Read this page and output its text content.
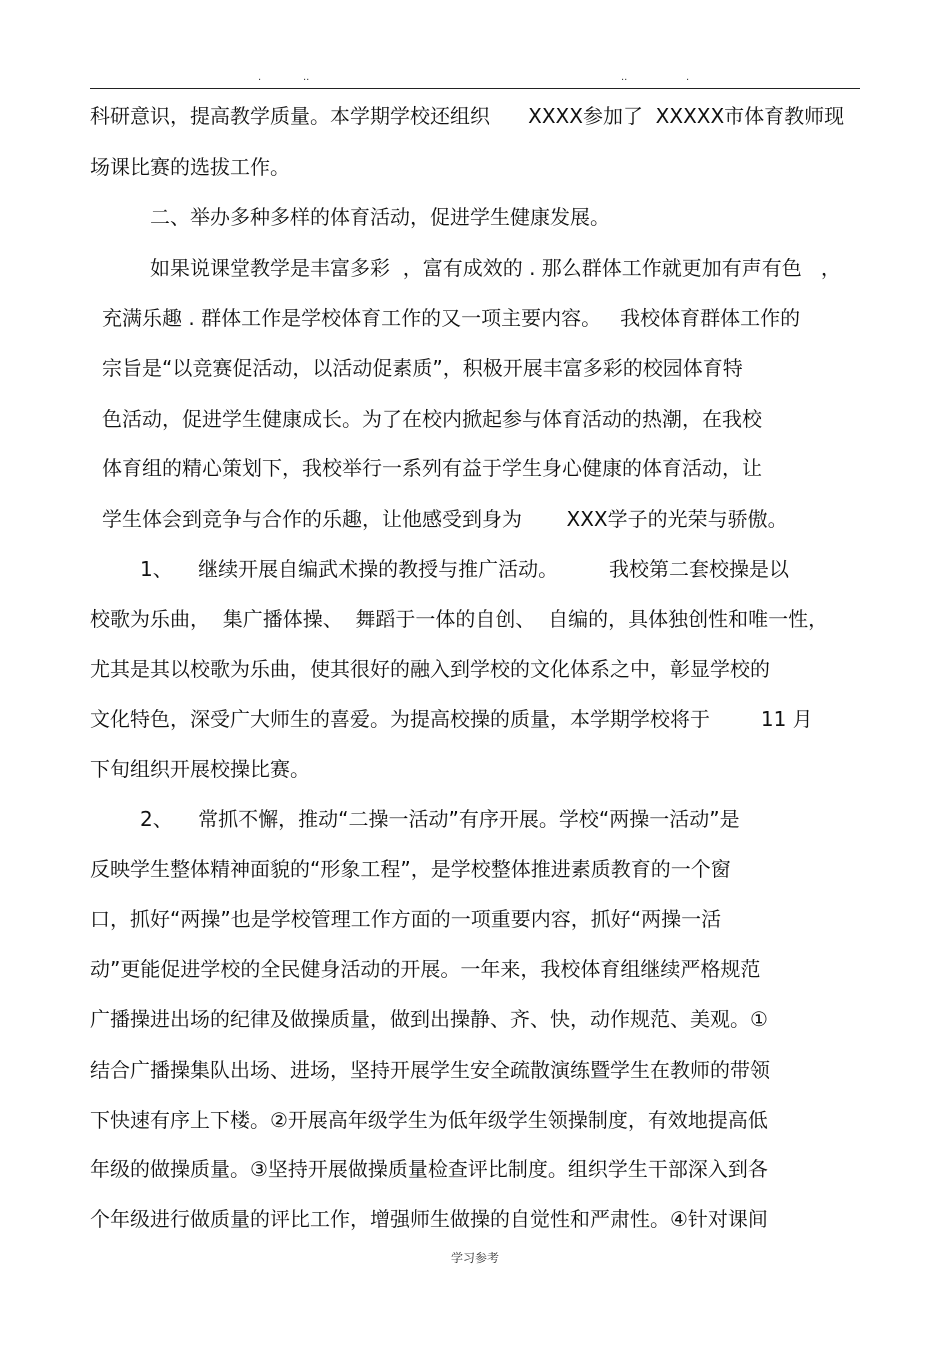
.	..	..	.
科研意识，提高教学质量。本学期学校还组织      XXXX参加了  XXXXX市体育教师现
场课比赛的选拔工作。
二、举办多种多样的体育活动，促进学生健康发展。
如果说课堂教学是丰富多彩  ，富有成效的 . 那么群体工作就更加有声有色   ，
充满乐趣 . 群体工作是学校体育工作的又一项主要内容。   我校体育群体工作的
宗旨是“以竞赛促活动，以活动促素质”，积极开展丰富多彩的校园体育特
色活动，促进学生健康成长。为了在校内掀起参与体育活动的热潮，在我校
体育组的精心策划下，我校举行一系列有益于学生身心健康的体育活动，让
学生体会到竞争与合作的乐趣，让他感受到身为       XXX学子的光荣与骄傲。
1、    继续开展自编武术操的教授与推广活动。        我校第二套校操是以
校歌为乐曲，  集广播体操、  舞蹈于一体的自创、  自编的，具体独创性和唯一性，
尤其是其以校歌为乐曲，使其很好的融入到学校的文化体系之中，彰显学校的
文化特色，深受广大师生的喜爱。为提高校操的质量，本学期学校将于        11 月
下旬组织开展校操比赛。
2、    常抓不懈，推动“二操一活动”有序开展。学校“两操一活动”是
反映学生整体精神面貌的“形象工程”，是学校整体推进素质教育的一个窗
口，抓好“两操”也是学校管理工作方面的一项重要内容，抓好“两操一活
动”更能促进学校的全民健身活动的开展。一年来，我校体育组继续严格规范
广播操进出场的纪律及做操质量，做到出操静、齐、快，动作规范、美观。①
结合广播操集队出场、进场，坚持开展学生安全疏散演练暨学生在教师的带领
下快速有序上下楼。②开展高年级学生为低年级学生领操制度，有效地提高低
年级的做操质量。③坚持开展做操质量检查评比制度。组织学生干部深入到各
个年级进行做质量的评比工作，增强师生做操的自觉性和严肃性。④针对课间
学习参考
